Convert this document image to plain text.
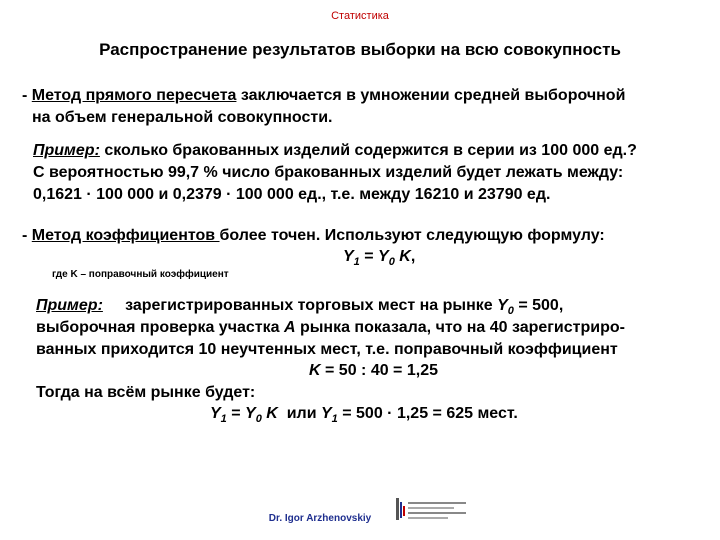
Статистика
Распространение результатов выборки на всю совокупность
- Метод прямого пересчета заключается в умножении средней выборочной
на объем генеральной совокупности.
Пример: сколько бракованных изделий содержится в серии из 100 000 ед.?
С вероятностью 99,7 % число бракованных изделий будет лежать между:
0,1621 · 100 000 и 0,2379 · 100 000 ед., т.е. между 16210 и 23790 ед.
- Метод коэффициентов более точен. Используют следующую формулу:
$Y_1 = Y_0$ K,
где K – поправочный коэффициент
Пример:     зарегистрированных торговых мест на рынке $Y_0 = 500$,
выборочная проверка участка А рынка показала, что на 40 зарегистриро-
ванных приходится 10 неучтенных мест, т.е. поправочный коэффициент
K = 50 : 40 = 1,25
Тогда на всём рынке будет:
$Y_1 = Y_0$ K  или $Y_1 = 500 \cdot 1,25 = 625$ мест.
Dr. Igor Arzhenovskiy
